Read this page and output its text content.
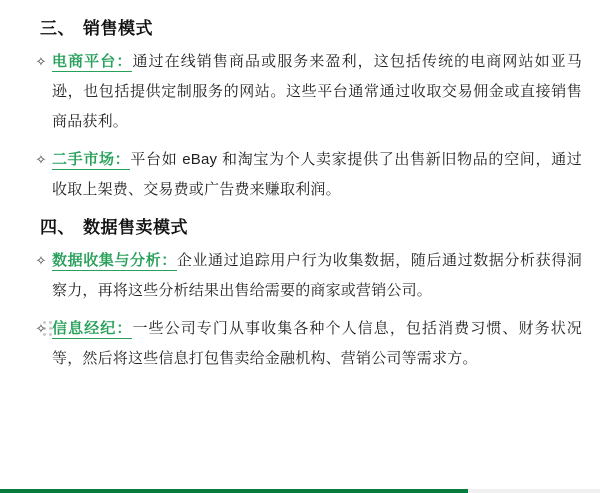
三、 销售模式
✧ 电商平台：通过在线销售商品或服务来盈利，这包括传统的电商网站如亚马逊，也包括提供定制服务的网站。这些平台通常通过收取交易佣金或直接销售商品获利。
✧ 二手市场：平台如 eBay 和淘宝为个人卖家提供了出售新旧物品的空间，通过收取上架费、交易费或广告费来赚取利润。
四、 数据售卖模式
✧ 数据收集与分析：企业通过追踪用户行为收集数据，随后通过数据分析获得洞察力，再将这些分析结果出售给需要的商家或营销公司。
✧ 信息经纪：一些公司专门从事收集各种个人信息，包括消费习惯、财务状况等，然后将这些信息打包售卖给金融机构、营销公司等需求方。
